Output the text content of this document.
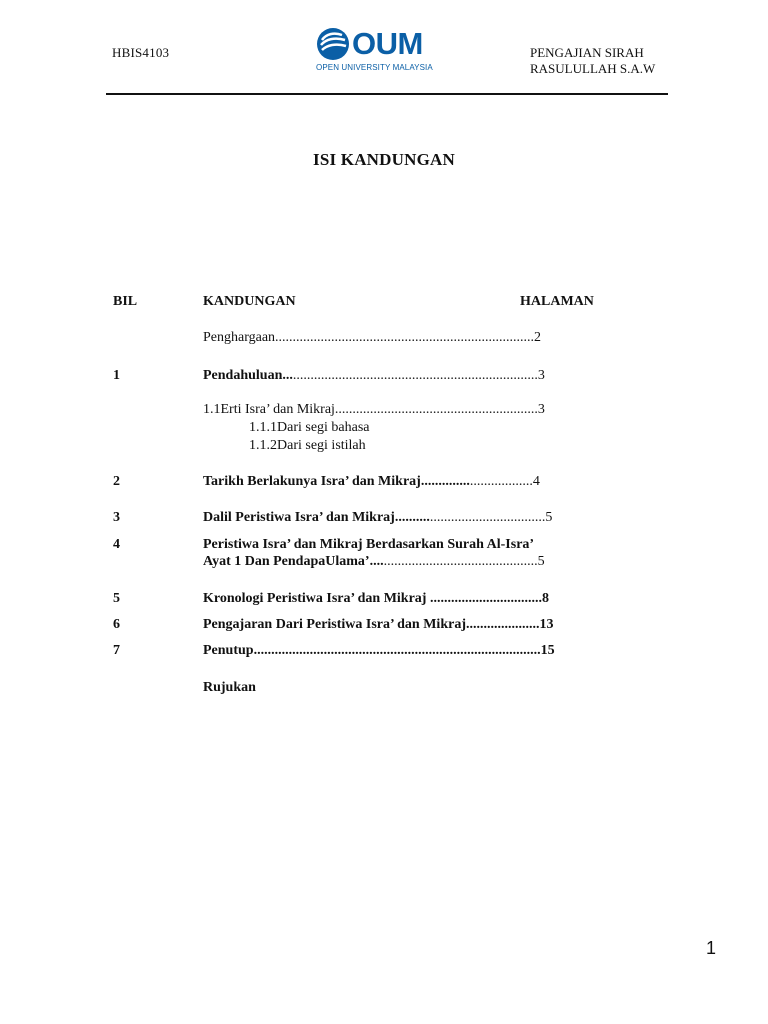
HBIS4103	OUM
OPEN UNIVERSITY MALAYSIA
PENGAJIAN SIRAH
RASULULLAH S.A.W
ISI KANDUNGAN
BIL	KANDUNGAN	HALAMAN
Penghargaan..........................................................................2
1	Pendahuluan.........................................................................3
1.1Erti Isra’ dan Mikraj..........................................................3
1.1.1Dari segi bahasa
1.1.2Dari segi istilah
2	Tarikh Berlakunya Isra’ dan Mikraj................................4
3	Dalil Peristiwa Isra’ dan Mikraj...........................................5
4	Peristiwa Isra’ dan Mikraj Berdasarkan Surah Al-Isra’
Ayat 1 Dan PendapaUlama’................................................5
5	Kronologi Peristiwa Isra’ dan Mikraj ................................8
6	Pengajaran Dari Peristiwa Isra’ dan Mikraj.....................13
7	Penutup..................................................................................15
Rujukan
1
